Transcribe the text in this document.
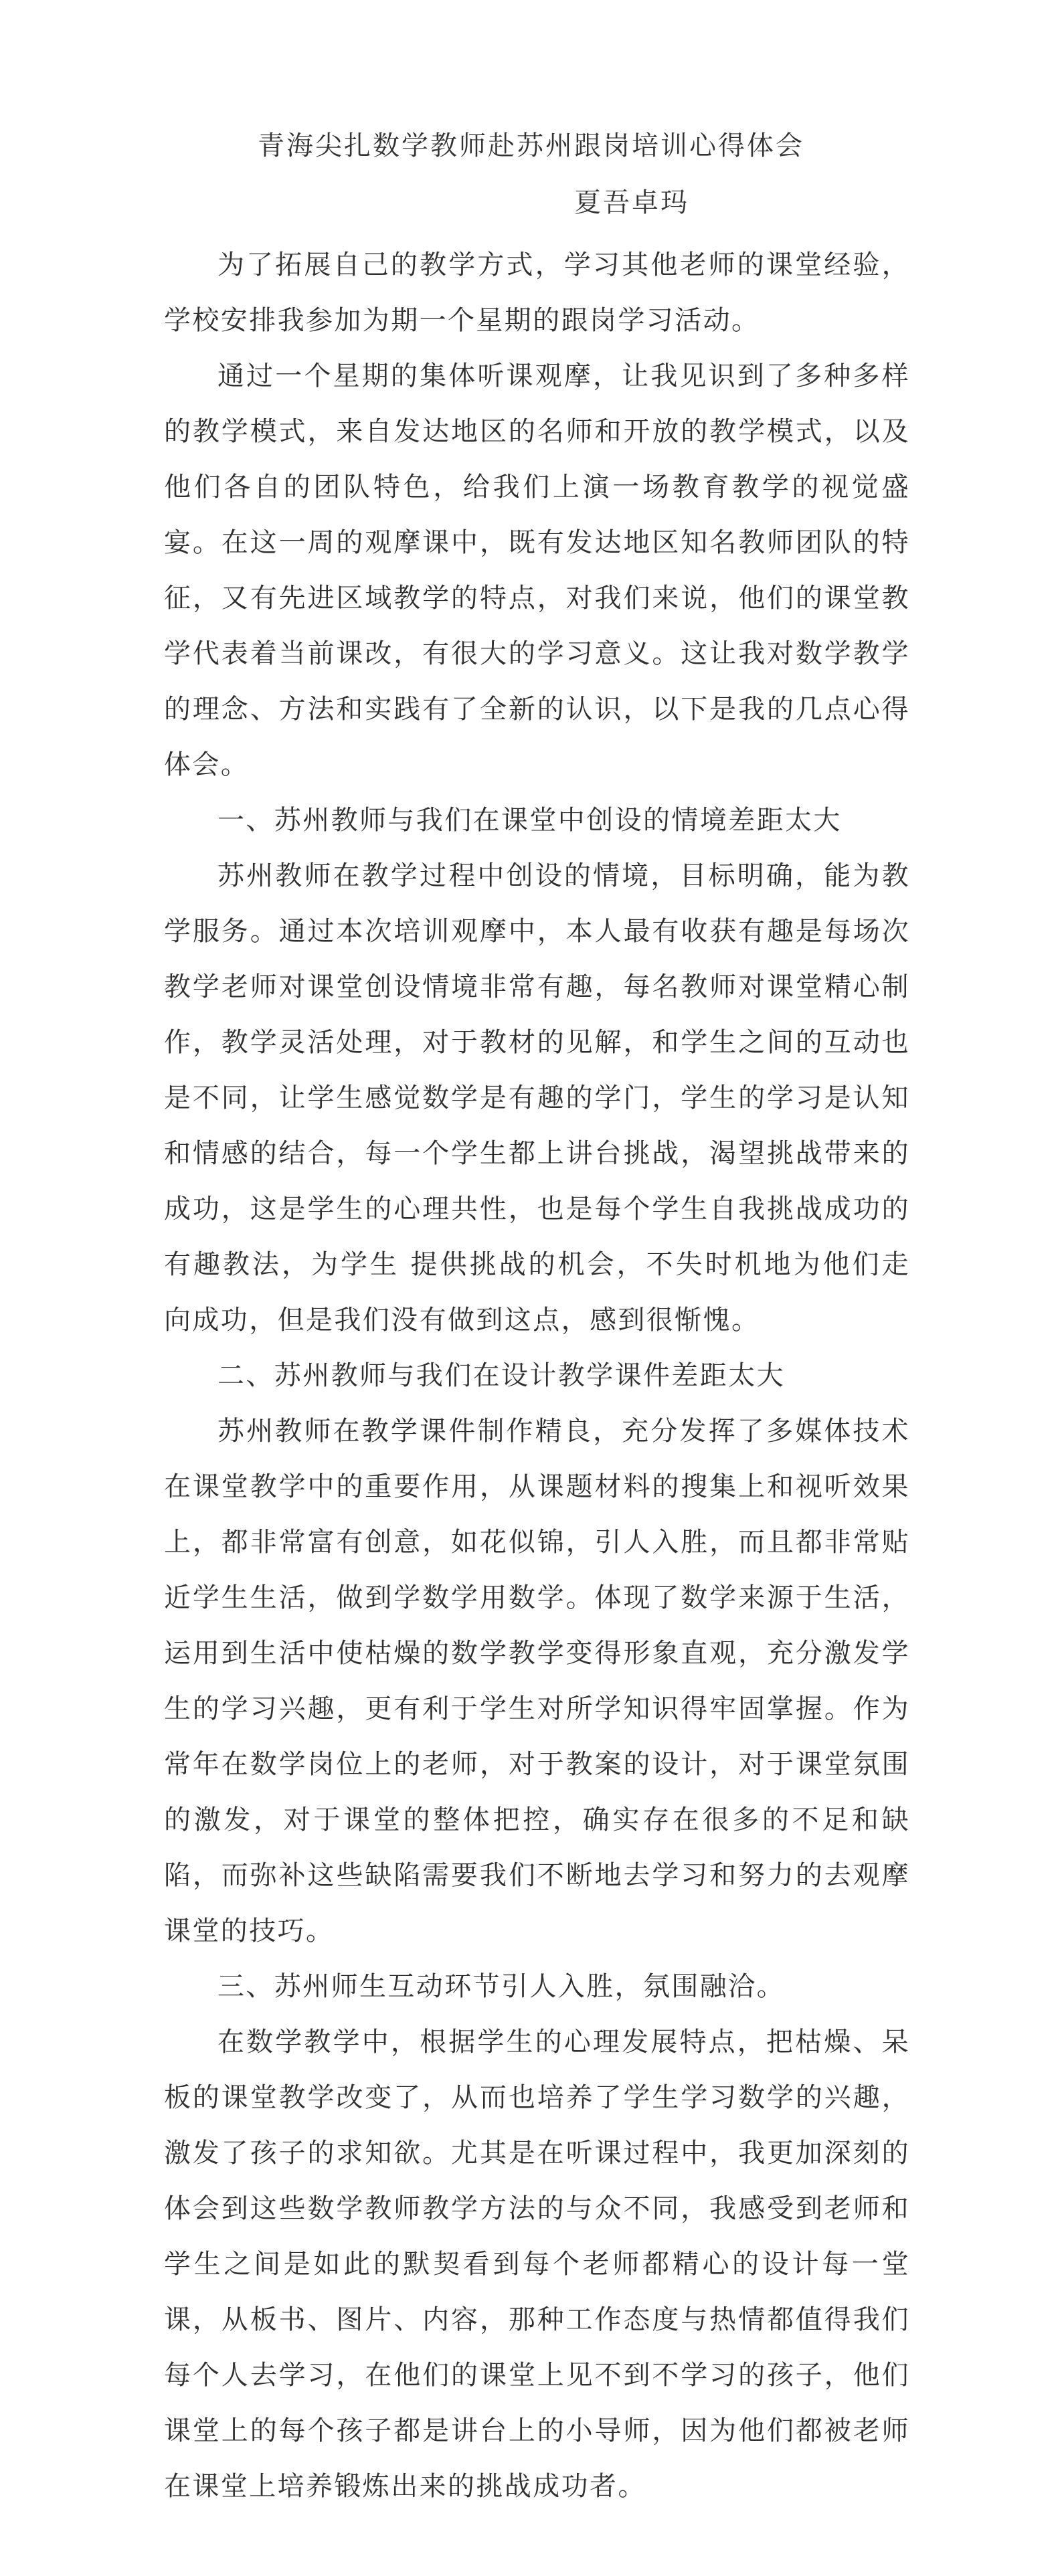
青海尖扎数学教师赴苏州跟岗培训心得体会
夏吾卓玛

为了拓展自己的教学方式，学习其他老师的课堂经验，学校安排我参加为期一个星期的跟岗学习活动。

通过一个星期的集体听课观摩，让我见识到了多种多样的教学模式，来自发达地区的名师和开放的教学模式，以及他们各自的团队特色，给我们上演一场教育教学的视觉盛宴。在这一周的观摩课中，既有发达地区知名教师团队的特征，又有先进区域教学的特点，对我们来说，他们的课堂教学代表着当前课改，有很大的学习意义。这让我对数学教学的理念、方法和实践有了全新的认识，以下是我的几点心得体会。

一、苏州教师与我们在课堂中创设的情境差距太大

苏州教师在教学过程中创设的情境，目标明确，能为教学服务。通过本次培训观摩中，本人最有收获有趣是每场次教学老师对课堂创设情境非常有趣，每名教师对课堂精心制作，教学灵活处理，对于教材的见解，和学生之间的互动也是不同，让学生感觉数学是有趣的学门，学生的学习是认知和情感的结合，每一个学生都上讲台挑战，渴望挑战带来的成功，这是学生的心理共性，也是每个学生自我挑战成功的有趣教法，为学生 提供挑战的机会，不失时机地为他们走向成功，但是我们没有做到这点，感到很惭愧。

二、苏州教师与我们在设计教学课件差距太大

苏州教师在教学课件制作精良，充分发挥了多媒体技术在课堂教学中的重要作用，从课题材料的搜集上和视听效果上，都非常富有创意，如花似锦，引人入胜，而且都非常贴近学生生活，做到学数学用数学。体现了数学来源于生活，运用到生活中使枯燥的数学教学变得形象直观，充分激发学生的学习兴趣，更有利于学生对所学知识得牢固掌握。作为常年在数学岗位上的老师，对于教案的设计，对于课堂氛围的激发，对于课堂的整体把控，确实存在很多的不足和缺陷，而弥补这些缺陷需要我们不断地去学习和努力的去观摩课堂的技巧。

三、苏州师生互动环节引人入胜，氛围融洽。

在数学教学中，根据学生的心理发展特点，把枯燥、呆板的课堂教学改变了，从而也培养了学生学习数学的兴趣，激发了孩子的求知欲。尤其是在听课过程中，我更加深刻的体会到这些数学教师教学方法的与众不同，我感受到老师和学生之间是如此的默契看到每个老师都精心的设计每一堂课，从板书、图片、内容，那种工作态度与热情都值得我们每个人去学习，在他们的课堂上见不到不学习的孩子，他们课堂上的每个孩子都是讲台上的小导师，因为他们都被老师在课堂上培养锻炼出来的挑战成功者。
